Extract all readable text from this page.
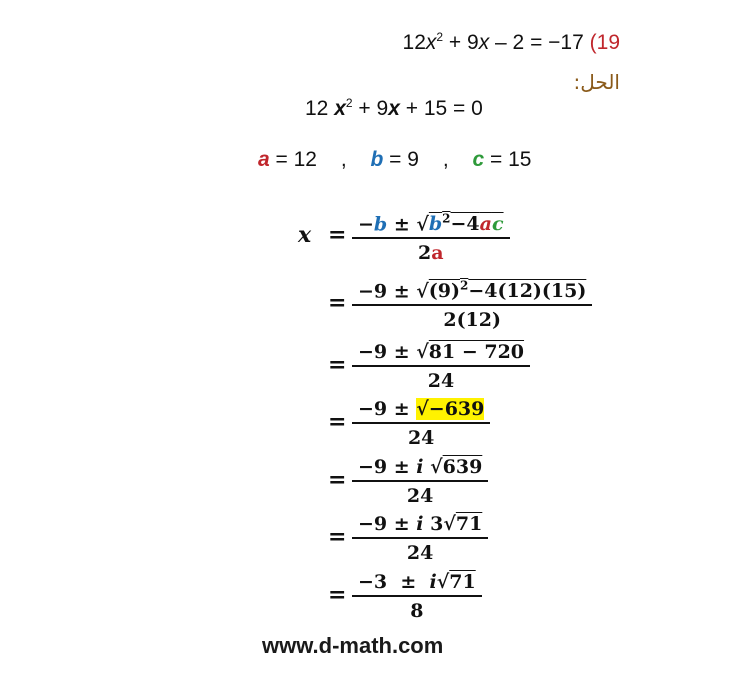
$12x^2 + 9x - 2 = -17$ (19
الحل:
12 $x^2 + 9x + 15 = 0$
a = 12 , b = 9 , c = 15
x =
=
=
=
=
=
=
$-b \pm √b^2-4ac$
2a
$-9 \pm √(9)^2-4(12)(15)$
2(12)
−9 ± √81 − 720
24
−9 ± √−639
24
−9 ± i √639
24
−9 ± i 3√71
24
−3  ±  i√71
8
www.d-math.com
